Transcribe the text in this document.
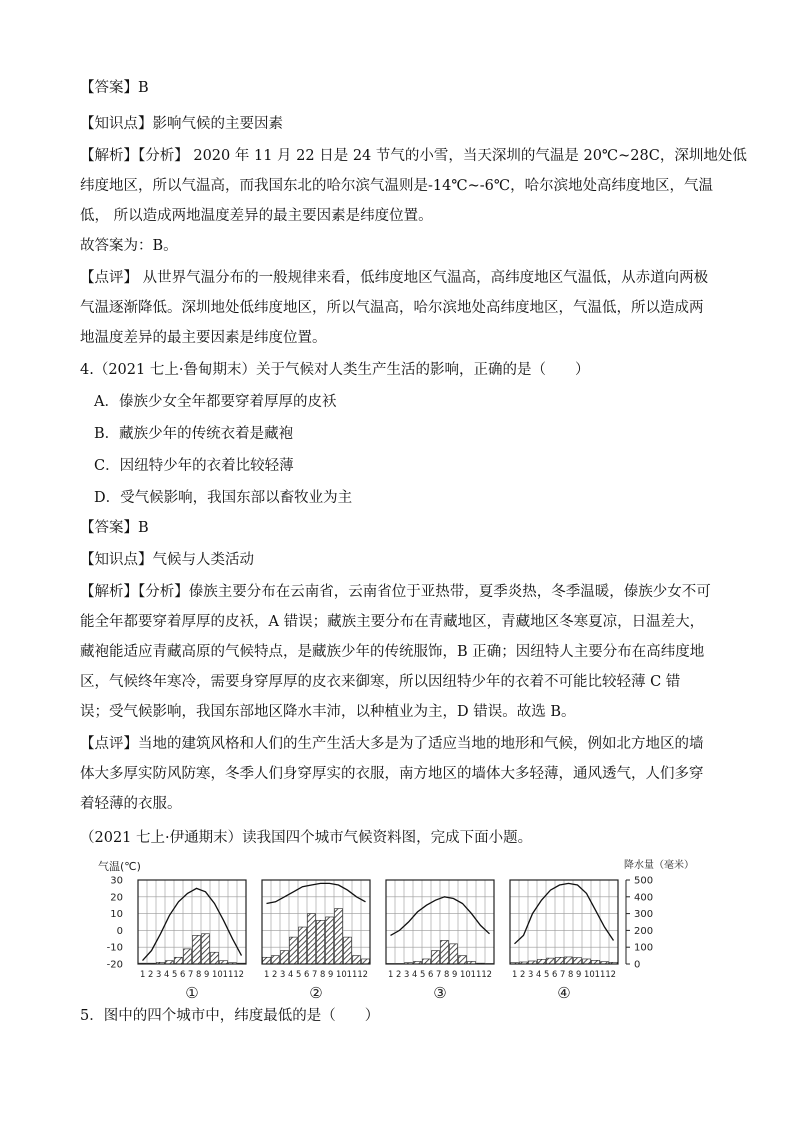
【答案】B
【知识点】影响气候的主要因素
【解析】【分析】 2020 年 11 月 22 日是 24 节气的小雪，当天深圳的气温是 20℃~28C，深圳地处低
纬度地区，所以气温高，而我国东北的哈尔滨气温则是-14℃~-6℃，哈尔滨地处高纬度地区，气温
低， 所以造成两地温度差异的最主要因素是纬度位置。
故答案为：B。
【点评】 从世界气温分布的一般规律来看，低纬度地区气温高，高纬度地区气温低，从赤道向两极
气温逐渐降低。深圳地处低纬度地区，所以气温高，哈尔滨地处高纬度地区，气温低，所以造成两
地温度差异的最主要因素是纬度位置。
4.（2021 七上·鲁甸期末）关于气候对人类生产生活的影响，正确的是（　　）
A．傣族少女全年都要穿着厚厚的皮袄
B．藏族少年的传统衣着是藏袍
C．因纽特少年的衣着比较轻薄
D．受气候影响，我国东部以畜牧业为主
【答案】B
【知识点】气候与人类活动
【解析】【分析】傣族主要分布在云南省，云南省位于亚热带，夏季炎热，冬季温暖，傣族少女不可
能全年都要穿着厚厚的皮袄，A 错误；藏族主要分布在青藏地区，青藏地区冬寒夏凉，日温差大，
藏袍能适应青藏高原的气候特点，是藏族少年的传统服饰，B 正确；因纽特人主要分布在高纬度地
区，气候终年寒冷，需要身穿厚厚的皮衣来御寒，所以因纽特少年的衣着不可能比较轻薄 C 错
误；受气候影响，我国东部地区降水丰沛，以种植业为主，D 错误。故选 B。
【点评】当地的建筑风格和人们的生产生活大多是为了适应当地的地形和气候，例如北方地区的墙
体大多厚实防风防寒，冬季人们身穿厚实的衣服，南方地区的墙体大多轻薄，通风透气，人们多穿
着轻薄的衣服。
（2021 七上·伊通期末）读我国四个城市气候资料图，完成下面小题。
气温(℃)	降水量（毫米）
30
20
10
0
-10
-20
500
400
300
200
100
0
1 2 3 4 5 6 7 8 9 101112
①
1 2 3 4 5 6 7 8 9 101112
②
1 2 3 4 5 6 7 8 9 101112
③
1 2 3 4 5 6 7 8 9 101112
④
5．图中的四个城市中，纬度最低的是（　　）
